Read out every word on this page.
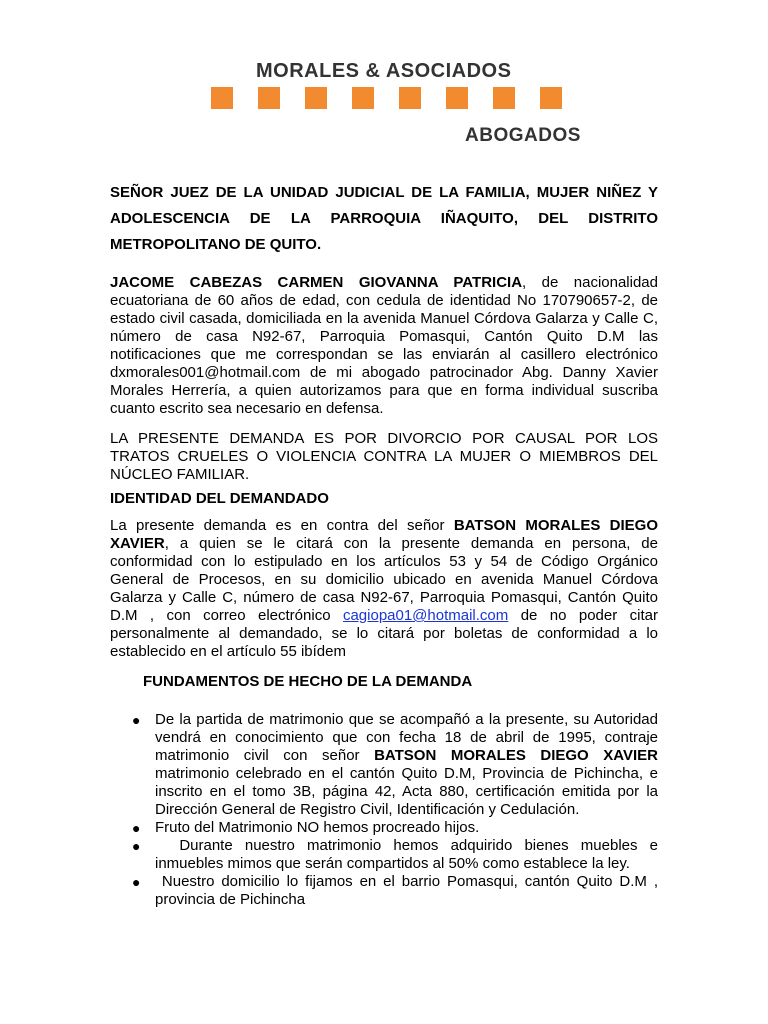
MORALES & ASOCIADOS
ABOGADOS
SEÑOR JUEZ DE LA UNIDAD JUDICIAL DE LA FAMILIA, MUJER NIÑEZ Y ADOLESCENCIA DE LA PARROQUIA IÑAQUITO, DEL DISTRITO METROPOLITANO DE QUITO.

JACOME CABEZAS CARMEN GIOVANNA PATRICIA, de nacionalidad ecuatoriana de 60 años de edad, con cedula de identidad No 170790657-2, de estado civil casada, domiciliada en la avenida Manuel Córdova Galarza y Calle C, número de casa N92-67, Parroquia Pomasqui, Cantón Quito D.M las notificaciones que me correspondan se las enviarán al casillero electrónico dxmorales001@hotmail.com de mi abogado patrocinador Abg. Danny Xavier Morales Herrería, a quien autorizamos para que en forma individual suscriba cuanto escrito sea necesario en defensa.

LA PRESENTE DEMANDA ES POR DIVORCIO POR CAUSAL POR LOS TRATOS CRUELES O VIOLENCIA CONTRA LA MUJER O MIEMBROS DEL NÚCLEO FAMILIAR.

IDENTIDAD DEL DEMANDADO

La presente demanda es en contra del señor BATSON MORALES DIEGO XAVIER, a quien se le citará con la presente demanda en persona, de conformidad con lo estipulado en los artículos 53 y 54 de Código Orgánico General de Procesos, en su domicilio ubicado en avenida Manuel Córdova Galarza y Calle C, número de casa N92-67, Parroquia Pomasqui, Cantón Quito D.M , con correo electrónico cagiopa01@hotmail.com de no poder citar personalmente al demandado, se lo citará por boletas de conformidad a lo establecido en el artículo 55 ibídem

FUNDAMENTOS DE HECHO DE LA DEMANDA
● De la partida de matrimonio que se acompañó a la presente, su Autoridad vendrá en conocimiento que con fecha 18 de abril de 1995, contraje matrimonio civil con señor BATSON MORALES DIEGO XAVIER matrimonio celebrado en el cantón Quito D.M, Provincia de Pichincha, e inscrito en el tomo 3B, página 42, Acta 880, certificación emitida por la Dirección General de Registro Civil, Identificación y Cedulación.
● Fruto del Matrimonio NO hemos procreado hijos.
● Durante nuestro matrimonio hemos adquirido bienes muebles e inmuebles mimos que serán compartidos al 50% como establece la ley.
● Nuestro domicilio lo fijamos en el barrio Pomasqui, cantón Quito D.M , provincia de Pichincha
